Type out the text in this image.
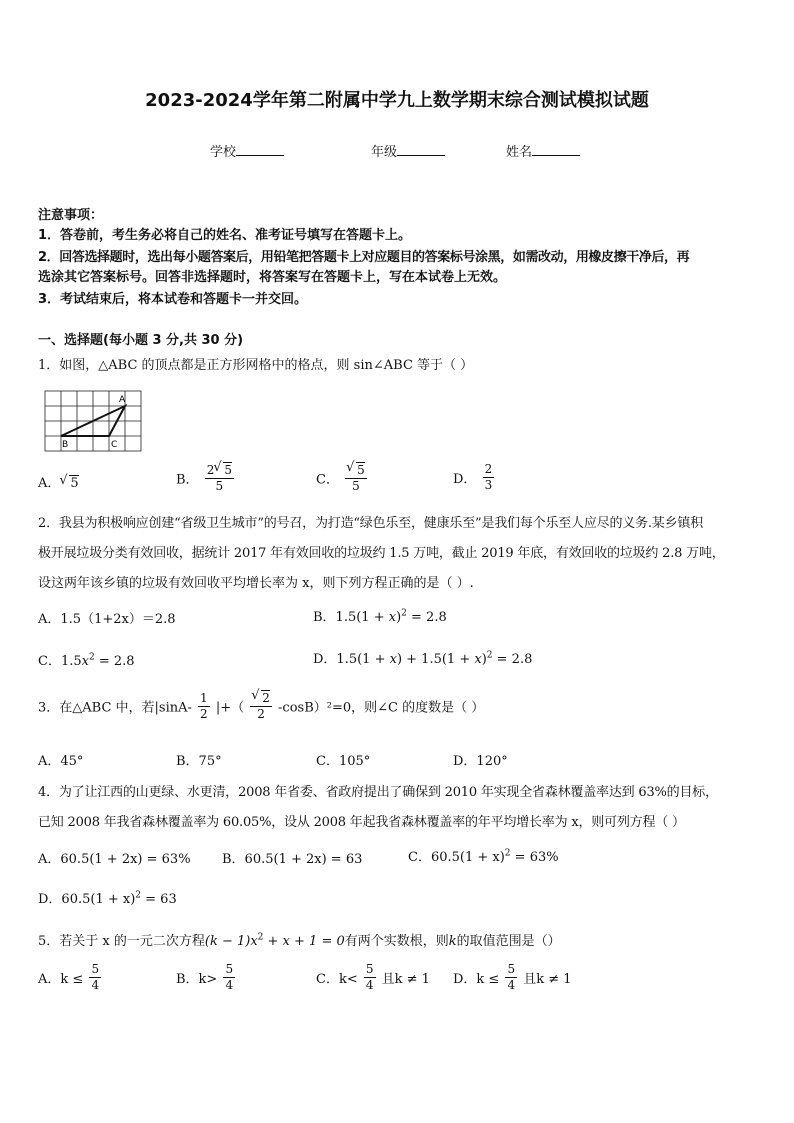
2023-2024学年第二附属中学九上数学期末综合测试模拟试题
学校	年级	姓名
注意事项：
1．答卷前，考生务必将自己的姓名、准考证号填写在答题卡上。
2．回答选择题时，选出每小题答案后，用铅笔把答题卡上对应题目的答案标号涂黑，如需改动，用橡皮擦干净后，再
选涂其它答案标号。回答非选择题时，将答案写在答题卡上，写在本试卷上无效。
3．考试结束后，将本试卷和答题卡一并交回。
一、选择题(每小题 3 分,共 30 分)
1．如图，△ABC 的顶点都是正方形网格中的格点，则 sin∠ABC 等于（ ）
A
B	C
A． √ 5	B． $\frac{2 √ 5}{5}$	C． √ $\frac{5}{5}$	D． $\frac{2}{3}$
2．我县为积极响应创建“省级卫生城市”的号召，为打造“绿色乐至，健康乐至”是我们每个乐至人应尽的义务.某乡镇积
极开展垃圾分类有效回收，据统计 2017 年有效回收的垃圾约 1.5 万吨，截止 2019 年底，有效回收的垃圾约 2.8 万吨，
设这两年该乡镇的垃圾有效回收平均增长率为 x，则下列方程正确的是（ ）.
A．1.5（1+2x）＝2.8	B．$1.5(1 + x)^2 = 2.8$
C．$1.5x^2 = 2.8$	D．$1.5(1 + x) + 1.5(1 + x)^2 = 2.8$
3．在△ABC 中，若$|\sin A- \frac{1}{2}$ |+（ √ $\frac{2}{2} -\cos B)^2=0$，则∠C 的度数是（ ）
A．45°	B．75°	C．105°	D．120°
4．为了让江西的山更绿、水更清，2008 年省委、省政府提出了确保到 2010 年实现全省森林覆盖率达到 63%的目标，
已知 2008 年我省森林覆盖率为 60.05%，设从 2008 年起我省森林覆盖率的年平均增长率为 x，则可列方程（ ）
A．60.5(1 + 2x) = 63% B．60.5(1 + 2x) = 63	C．$60.5(1 + x)^2 = 63\%$
D．$60.5(1 + x)^2 = 63$
5．若关于 x 的一元二次方程$(k - 1)x^2 + x + 1 = 0$有两个实数根，则k的取值范围是（）
A．$k \le \frac{5}{4}$	B．$k> \frac{5}{4}$	C．$k< \frac{5}{4}$ 且k ≠ 1 D．$k \le \frac{5}{4}$ 且k ≠ 1
